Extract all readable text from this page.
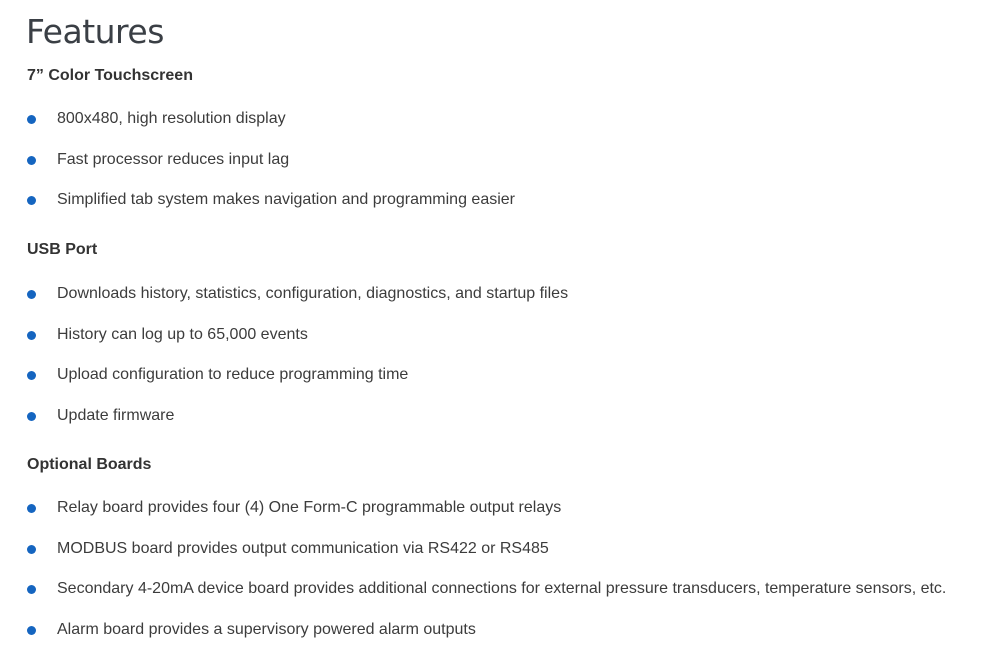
Features
7” Color Touchscreen
800x480, high resolution display
Fast processor reduces input lag
Simplified tab system makes navigation and programming easier
USB Port
Downloads history, statistics, configuration, diagnostics, and startup files
History can log up to 65,000 events
Upload configuration to reduce programming time
Update firmware
Optional Boards
Relay board provides four (4) One Form-C programmable output relays
MODBUS board provides output communication via RS422 or RS485
Secondary 4-20mA device board provides additional connections for external pressure transducers, temperature sensors, etc.
Alarm board provides a supervisory powered alarm outputs
